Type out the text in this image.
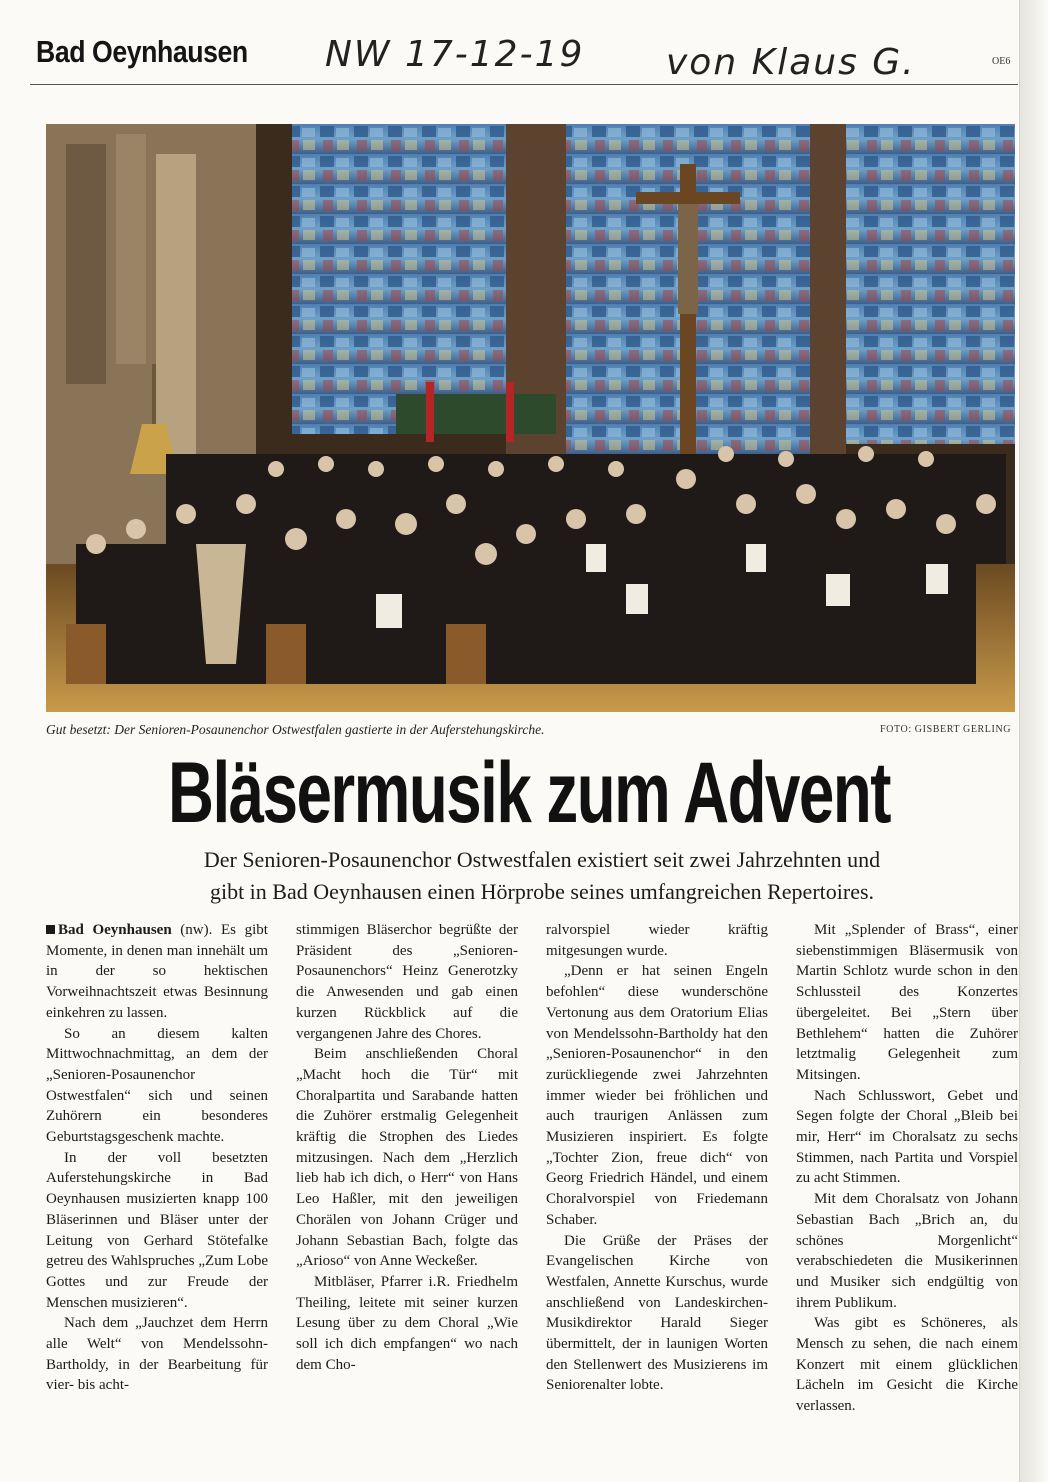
Bad Oeynhausen NW 17-12-19 von Klaus G.	OE6
Gut besetzt: Der Senioren-Posaunenchor Ostwestfalen gastierte in der Auferstehungskirche.	FOTO: GISBERT GERLING
Bläsermusik zum Advent
Der Senioren-Posaunenchor Ostwestfalen existiert seit zwei Jahrzehnten und
gibt in Bad Oeynhausen einen Hörprobe seines umfangreichen Repertoires.

Bad Oeynhausen (nw). Es gibt Momente, in denen man innehält um in der so hektischen Vorweihnachtszeit etwas Besinnung einkehren zu lassen.

So an diesem kalten Mittwochnachmittag, an dem der „Senioren-Posaunenchor Ostwestfalen“ sich und seinen Zuhörern ein besonderes Geburtstagsgeschenk machte.

In der voll besetzten Auferstehungskirche in Bad Oeynhausen musizierten knapp 100 Bläserinnen und Bläser unter der Leitung von Gerhard Stötefalke getreu des Wahlspruches „Zum Lobe Gottes und zur Freude der Menschen musizieren“.

Nach dem „Jauchzet dem Herrn alle Welt“ von Mendelssohn-Bartholdy, in der Bearbeitung für vier- bis acht-

stimmigen Bläserchor begrüßte der Präsident des „Senioren-Posaunenchors“ Heinz Generotzky die Anwesenden und gab einen kurzen Rückblick auf die vergangenen Jahre des Chores.

Beim anschließenden Choral „Macht hoch die Tür“ mit Choralpartita und Sarabande hatten die Zuhörer erstmalig Gelegenheit kräftig die Strophen des Liedes mitzusingen. Nach dem „Herzlich lieb hab ich dich, o Herr“ von Hans Leo Haßler, mit den jeweiligen Chorälen von Johann Crüger und Johann Sebastian Bach, folgte das „Arioso“ von Anne Weckeßer.

Mitbläser, Pfarrer i.R. Friedhelm Theiling, leitete mit seiner kurzen Lesung über zu dem Choral „Wie soll ich dich empfangen“ wo nach dem Cho-

ralvorspiel wieder kräftig mitgesungen wurde.

„Denn er hat seinen Engeln befohlen“ diese wunderschöne Vertonung aus dem Oratorium Elias von Mendelssohn-Bartholdy hat den „Senioren-Posaunenchor“ in den zurückliegende zwei Jahrzehnten immer wieder bei fröhlichen und auch traurigen Anlässen zum Musizieren inspiriert. Es folgte „Tochter Zion, freue dich“ von Georg Friedrich Händel, und einem Choralvorspiel von Friedemann Schaber.

Die Grüße der Präses der Evangelischen Kirche von Westfalen, Annette Kurschus, wurde anschließend von Landeskirchen-Musikdirektor Harald Sieger übermittelt, der in launigen Worten den Stellenwert des Musizierens im Seniorenalter lobte.

Mit „Splender of Brass“, einer siebenstimmigen Bläsermusik von Martin Schlotz wurde schon in den Schlussteil des Konzertes übergeleitet. Bei „Stern über Bethlehem“ hatten die Zuhörer letztmalig Gelegenheit zum Mitsingen.

Nach Schlusswort, Gebet und Segen folgte der Choral „Bleib bei mir, Herr“ im Choralsatz zu sechs Stimmen, nach Partita und Vorspiel zu acht Stimmen.

Mit dem Choralsatz von Johann Sebastian Bach „Brich an, du schönes Morgenlicht“ verabschiedeten die Musikerinnen und Musiker sich endgültig von ihrem Publikum.

Was gibt es Schöneres, als Mensch zu sehen, die nach einem Konzert mit einem glücklichen Lächeln im Gesicht die Kirche verlassen.
